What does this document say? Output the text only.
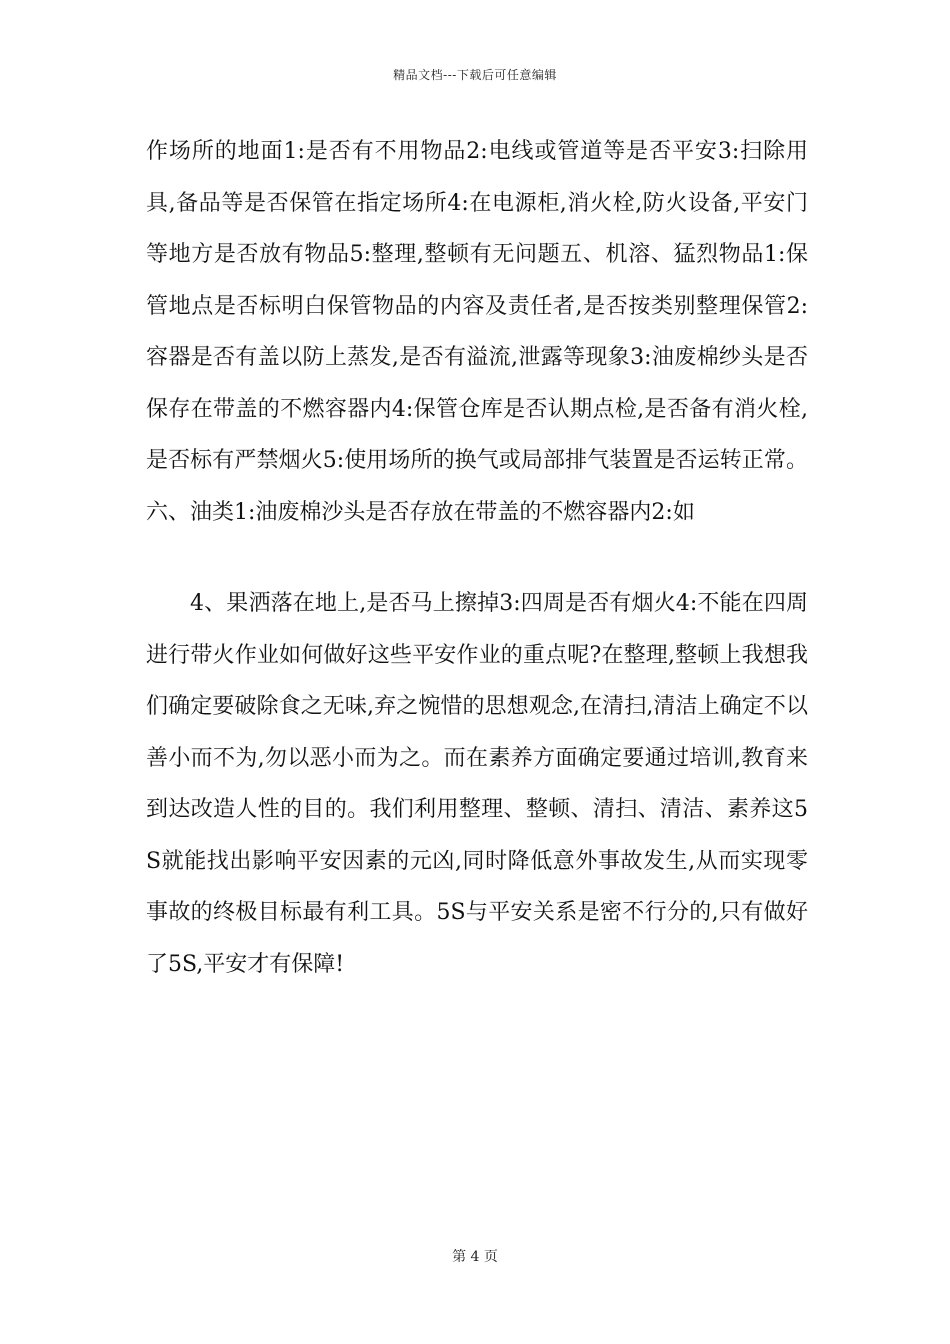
精品文档---下载后可任意编辑

作场所的地面1:是否有不用物品2:电线或管道等是否平安3:扫除用具,备品等是否保管在指定场所4:在电源柜,消火栓,防火设备,平安门等地方是否放有物品5:整理,整顿有无问题五、机溶、猛烈物品1:保管地点是否标明白保管物品的内容及责任者,是否按类别整理保管2:容器是否有盖以防上蒸发,是否有溢流,泄露等现象3:油废棉纱头是否保存在带盖的不燃容器内4:保管仓库是否认期点检,是否备有消火栓,是否标有严禁烟火5:使用场所的换气或局部排气装置是否运转正常。六、油类1:油废棉沙头是否存放在带盖的不燃容器内2:如

4、果洒落在地上,是否马上擦掉3:四周是否有烟火4:不能在四周进行带火作业如何做好这些平安作业的重点呢?在整理,整顿上我想我们确定要破除食之无味,弃之惋惜的思想观念,在清扫,清洁上确定不以善小而不为,勿以恶小而为之。而在素养方面确定要通过培训,教育来到达改造人性的目的。我们利用整理、整顿、清扫、清洁、素养这5S就能找出影响平安因素的元凶,同时降低意外事故发生,从而实现零事故的终极目标最有利工具。5S与平安关系是密不行分的,只有做好了5S,平安才有保障!

第 4 页
